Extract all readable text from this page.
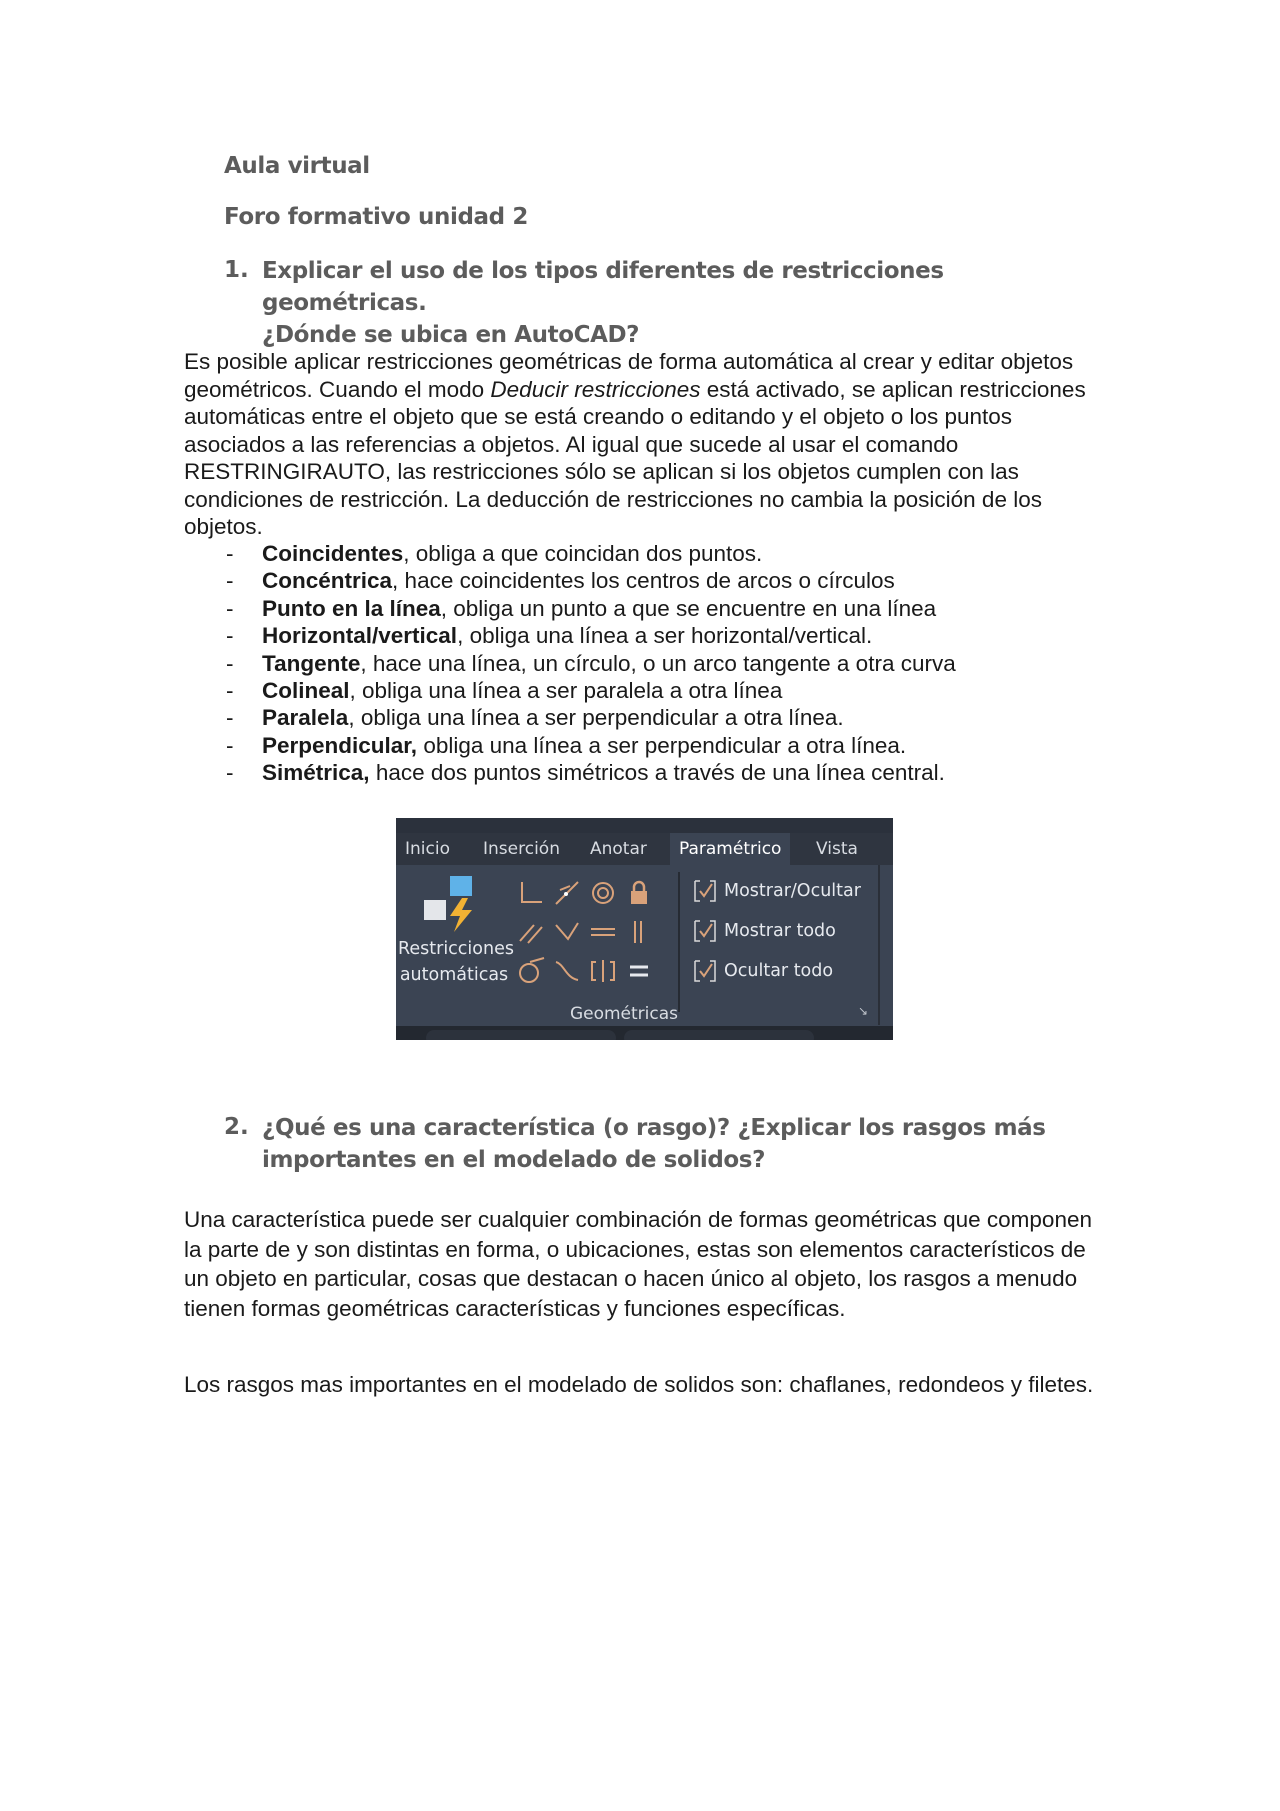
Aula virtual
Foro formativo unidad 2
1. Explicar el uso de los tipos diferentes de restricciones geométricas.
¿Dónde se ubica en AutoCAD?

Es posible aplicar restricciones geométricas de forma automática al crear y editar objetos geométricos. Cuando el modo Deducir restricciones está activado, se aplican restricciones automáticas entre el objeto que se está creando o editando y el objeto o los puntos asociados a las referencias a objetos. Al igual que sucede al usar el comando RESTRINGIRAUTO, las restricciones sólo se aplican si los objetos cumplen con las condiciones de restricción. La deducción de restricciones no cambia la posición de los objetos.

- Coincidentes, obliga a que coincidan dos puntos.
- Concéntrica, hace coincidentes los centros de arcos o círculos
- Punto en la línea, obliga un punto a que se encuentre en una línea
- Horizontal/vertical, obliga una línea a ser horizontal/vertical.
- Tangente, hace una línea, un círculo, o un arco tangente a otra curva
- Colineal, obliga una línea a ser paralela a otra línea
- Paralela, obliga una línea a ser perpendicular a otra línea.
- Perpendicular, obliga una línea a ser perpendicular a otra línea.
- Simétrica, hace dos puntos simétricos a través de una línea central.
Inicio	Inserción	Anotar	Paramétrico	Vista
Restricciones
automáticas
Mostrar/Ocultar
Mostrar todo
Ocultar todo
Geométricas	↘
2. ¿Qué es una característica (o rasgo)? ¿Explicar los rasgos más
importantes en el modelado de solidos?

Una característica puede ser cualquier combinación de formas geométricas que componen la parte de y son distintas en forma, o ubicaciones, estas son elementos característicos de un objeto en particular, cosas que destacan o hacen único al objeto, los rasgos a menudo tienen formas geométricas características y funciones específicas.

Los rasgos mas importantes en el modelado de solidos son: chaflanes, redondeos y filetes.
